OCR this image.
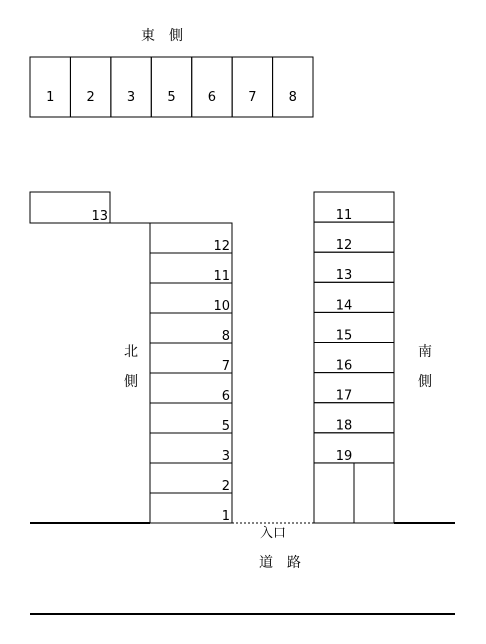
東　側
1 2 3 5 6 7 8
13
12
11
10
8
7
6
5
3
2
1
11
12
13
14
15
16
17
18
19
北
側
南
側
入口
道　路
